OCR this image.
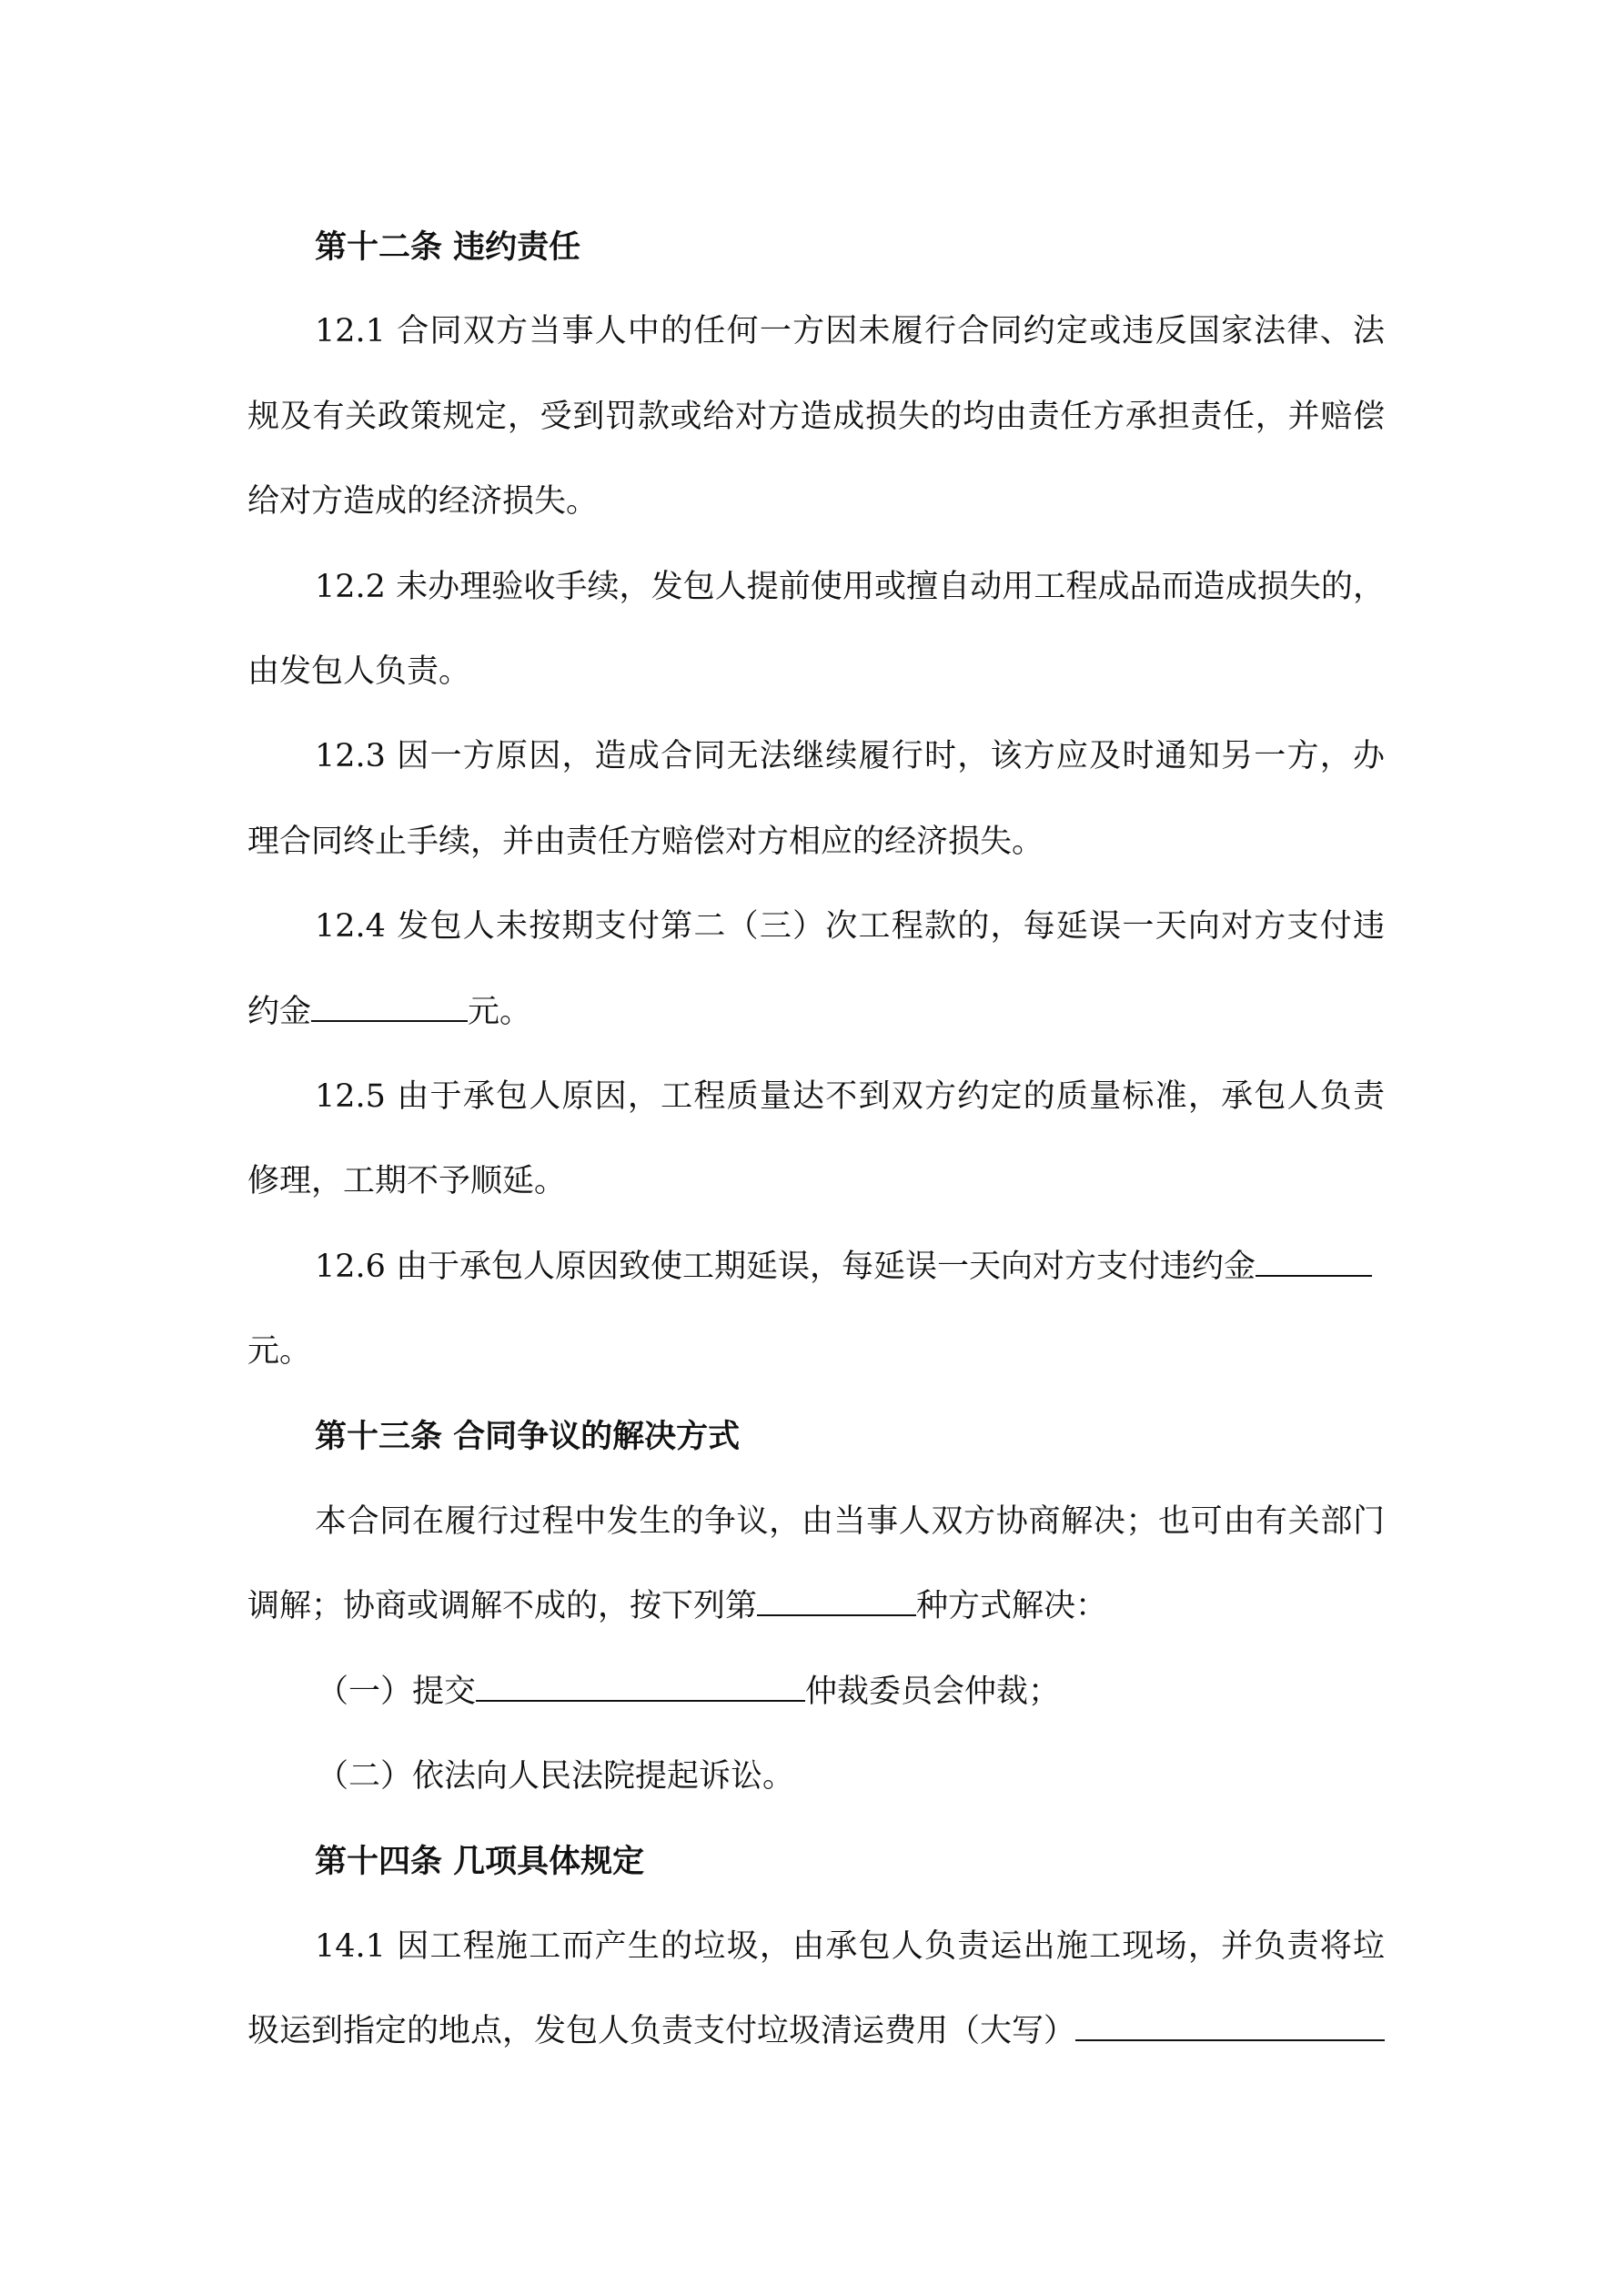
第十二条 违约责任
12.1 合同双方当事人中的任何一方因未履行合同约定或违反国家法律、法
规及有关政策规定，受到罚款或给对方造成损失的均由责任方承担责任，并赔偿
给对方造成的经济损失。
12.2 未办理验收手续，发包人提前使用或擅自动用工程成品而造成损失的，
由发包人负责。
12.3 因一方原因，造成合同无法继续履行时，该方应及时通知另一方，办
理合同终止手续，并由责任方赔偿对方相应的经济损失。
12.4 发包人未按期支付第二（三）次工程款的，每延误一天向对方支付违
约金	元。
12.5 由于承包人原因，工程质量达不到双方约定的质量标准，承包人负责
修理，工期不予顺延。
12.6 由于承包人原因致使工期延误，每延误一天向对方支付违约金
元。
第十三条 合同争议的解决方式
本合同在履行过程中发生的争议，由当事人双方协商解决；也可由有关部门
调解；协商或调解不成的，按下列第	种方式解决：
（一）提交	仲裁委员会仲裁；
（二）依法向人民法院提起诉讼。
第十四条 几项具体规定
14.1 因工程施工而产生的垃圾，由承包人负责运出施工现场，并负责将垃
圾运到指定的地点，发包人负责支付垃圾清运费用（大写）
